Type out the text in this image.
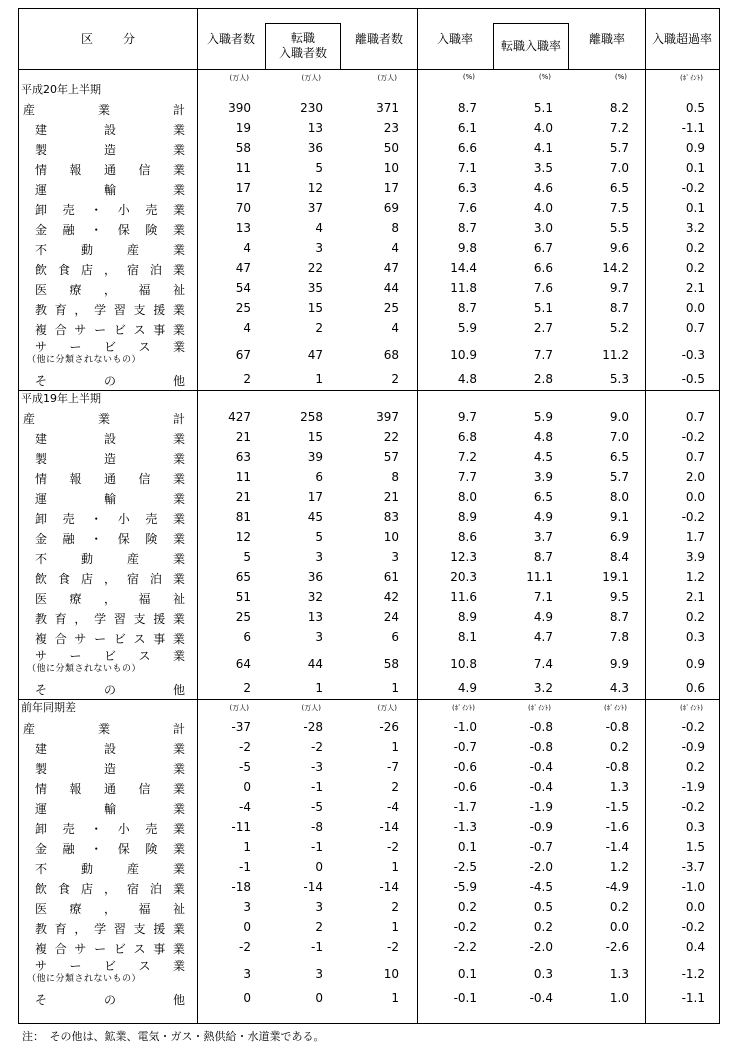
区分	入職者数	転職
入職者数
離職者数	入職率	転職入職率	離職率	入職超過率
(万人)	(万人)	(万人)	(%)	(%)	(%)	(ﾎﾟｲﾝﾄ)
平成20年上半期
産	業	計	390	230	371	8.7	5.1	8.2	0.5
建	設	業	19	13	23	6.1	4.0	7.2	-1.1
製	造	業	58	36	50	6.6	4.1	5.7	0.9
情 報 通 信 業	11	5	10	7.1	3.5	7.0	0.1
運	輸	業	17	12	17	6.3	4.6	6.5	-0.2
卸 売 ・ 小 売 業	70	37	69	7.6	4.0	7.5	0.1
金 融 ・ 保 険 業	13	4	8	8.7	3.0	5.5	3.2
不	動	産	業	4	3	4	9.8	6.7	9.6	0.2
飲 食 店 ， 宿 泊 業	47	22	47	14.4	6.6	14.2	0.2
医 療 ， 福 祉	54	35	44	11.8	7.6	9.7	2.1
教 育 ， 学 習 支 援 業	25	15	25	8.7	5.1	8.7	0.0
複 合 サ ー ビ ス 事 業	4	2	4	5.9	2.7	5.2	0.7
サ ー ビ ス 業
（他に分類されないもの）	67	47	68	10.9	7.7	11.2	-0.3
そ	の	他	2	1	2	4.8	2.8	5.3	-0.5
平成19年上半期
産	業	計	427	258	397	9.7	5.9	9.0	0.7
建	設	業	21	15	22	6.8	4.8	7.0	-0.2
製	造	業	63	39	57	7.2	4.5	6.5	0.7
情 報 通 信 業	11	6	8	7.7	3.9	5.7	2.0
運	輸	業	21	17	21	8.0	6.5	8.0	0.0
卸 売 ・ 小 売 業	81	45	83	8.9	4.9	9.1	-0.2
金 融 ・ 保 険 業	12	5	10	8.6	3.7	6.9	1.7
不	動	産	業	5	3	3	12.3	8.7	8.4	3.9
飲 食 店 ， 宿 泊 業	65	36	61	20.3	11.1	19.1	1.2
医 療 ， 福 祉	51	32	42	11.6	7.1	9.5	2.1
教 育 ， 学 習 支 援 業	25	13	24	8.9	4.9	8.7	0.2
複 合 サ ー ビ ス 事 業	6	3	6	8.1	4.7	7.8	0.3
サ ー ビ ス 業
（他に分類されないもの）	64	44	58	10.8	7.4	9.9	0.9
そ	の	他	2	1	1	4.9	3.2	4.3	0.6
前年同期差	(万人)	(万人)	(万人)	(ﾎﾟｲﾝﾄ)	(ﾎﾟｲﾝﾄ)	(ﾎﾟｲﾝﾄ)	(ﾎﾟｲﾝﾄ)
産	業	計	-37	-28	-26	-1.0	-0.8	-0.8	-0.2
建	設	業	-2	-2	1	-0.7	-0.8	0.2	-0.9
製	造	業	-5	-3	-7	-0.6	-0.4	-0.8	0.2
情 報 通 信 業	0	-1	2	-0.6	-0.4	1.3	-1.9
運	輸	業	-4	-5	-4	-1.7	-1.9	-1.5	-0.2
卸 売 ・ 小 売 業	-11	-8	-14	-1.3	-0.9	-1.6	0.3
金 融 ・ 保 険 業	1	-1	-2	0.1	-0.7	-1.4	1.5
不	動	産	業	-1	0	1	-2.5	-2.0	1.2	-3.7
飲 食 店 ， 宿 泊 業	-18	-14	-14	-5.9	-4.5	-4.9	-1.0
医 療 ， 福 祉	3	3	2	0.2	0.5	0.2	0.0
教 育 ， 学 習 支 援 業	0	2	1	-0.2	0.2	0.0	-0.2
複 合 サ ー ビ ス 事 業	-2	-1	-2	-2.2	-2.0	-2.6	0.4
サ ー ビ ス 業
（他に分類されないもの）	3	3	10	0.1	0.3	1.3	-1.2
そ	の	他	0	0	1	-0.1	-0.4	1.0	-1.1
注：　その他は、鉱業、電気・ガス・熱供給・水道業である。
